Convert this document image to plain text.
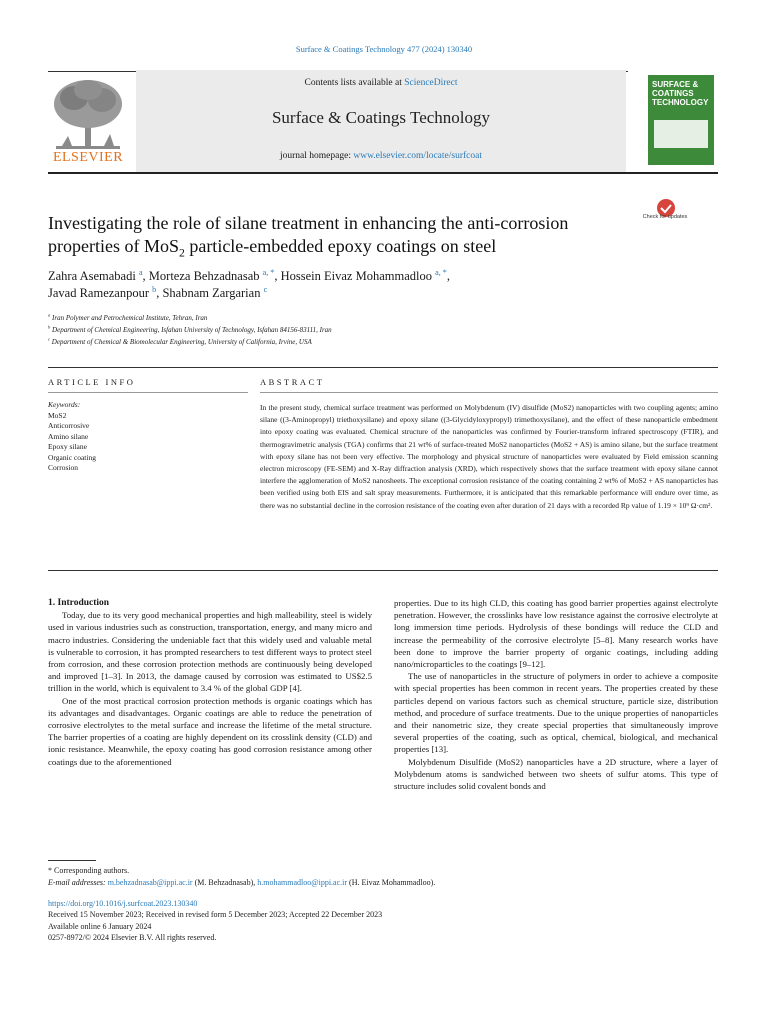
Surface & Coatings Technology 477 (2024) 130340
ELSEVIER
Contents lists available at ScienceDirect
Surface & Coatings Technology
journal homepage: www.elsevier.com/locate/surfcoat
SURFACE & COATINGS TECHNOLOGY
Check for updates
Investigating the role of silane treatment in enhancing the anti-corrosion properties of MoS$_2$ particle-embedded epoxy coatings on steel
Zahra Asemabadi $^a$, Morteza Behzadnasab $^{a, *}$, Hossein Eivaz Mohammadloo $^{a, *}$,
Javad Ramezanpour $^b$, Shabnam Zargarian $^c$
$^a$ Iran Polymer and Petrochemical Institute, Tehran, Iran
$^b$ Department of Chemical Engineering, Isfahan University of Technology, Isfahan 84156-83111, Iran
$^c$ Department of Chemical & Biomolecular Engineering, University of California, Irvine, USA
ARTICLE INFO	ABSTRACT
Keywords:
MoS2
Anticorrosive
Amino silane
Epoxy silane
Organic coating
Corrosion
In the present study, chemical surface treatment was performed on Molybdenum (IV) disulfide (MoS2) nanoparticles with two coupling agents; amino silane ((3-Aminopropyl) triethoxysilane) and epoxy silane ((3-Glycidyloxypropyl) trimethoxysilane), and the effect of these nanoparticle embedment into epoxy coating was evaluated. Chemical structure of the nanoparticles was confirmed by Fourier-transform infrared spectroscopy (FTIR), and thermogravimetric analysis (TGA) confirms that 21 wt% of surface-treated MoS2 nanoparticles (MoS2 + AS) is amino silane, but the surface treatment with epoxy silane has not been very effective. The morphology and physical structure of nanoparticles were evaluated by Field emission scanning electron microscopy (FE-SEM) and X-Ray diffraction analysis (XRD), which respectively shows that the surface treatment with epoxy silane cannot interfere the agglomeration of MoS2 nanosheets. The exceptional corrosion resistance of the coating containing 2 wt% of MoS2 + AS nanoparticles has been verified using both EIS and salt spray measurements. Furthermore, it is anticipated that this remarkable performance will endure over time, as there was no substantial decline in the corrosion resistance of the coating even after duration of 21 days with a recorded Rp value of 1.19 × 10⁹ Ω·cm².

1. Introduction

Today, due to its very good mechanical properties and high malleability, steel is widely used in various industries such as construction, transportation, energy, and many micro and macro industries. Considering the undeniable fact that this widely used and valuable metal is vulnerable to corrosion, it has prompted researchers to test different ways to protect steel from corrosion, and these corrosion protection methods are continuously being developed and improved [1–3]. In 2013, the damage caused by corrosion was estimated to US$2.5 trillion in the world, which is equivalent to 3.4 % of the global GDP [4].

One of the most practical corrosion protection methods is organic coatings which has its advantages and disadvantages. Organic coatings are able to reduce the penetration of corrosive electrolytes to the metal surface and increase the lifetime of the metal structure. The barrier properties of a coating are highly dependent on its crosslink density (CLD) and ionic resistance. Meanwhile, the epoxy coating has good corrosion resistance among other coatings due to the aforementioned

properties. Due to its high CLD, this coating has good barrier properties against electrolyte penetration. However, the crosslinks have low resistance against the corrosive electrolyte at long immersion time periods. Hydrolysis of these bondings will reduce the CLD and increase the permeability of the corrosive electrolyte [5–8]. Many research works have been done to improve the barrier property of organic coatings, including adding nano/microparticles to the coatings [9–12].

The use of nanoparticles in the structure of polymers in order to achieve a composite with special properties has been common in recent years. The properties created by these particles depend on various factors such as chemical structure, particle size, distribution method, and procedure of surface treatments. Due to the unique properties of nanoparticles and their nanometric size, they create special properties that simultaneously improve several properties of the coating, such as optical, chemical, biological, and mechanical properties [13].

Molybdenum Disulfide (MoS2) nanoparticles have a 2D structure, where a layer of Molybdenum atoms is sandwiched between two sheets of sulfur atoms. This type of structure includes solid covalent bonds and

* Corresponding authors.
E-mail addresses: m.behzadnasab@ippi.ac.ir (M. Behzadnasab), h.mohammadloo@ippi.ac.ir (H. Eivaz Mohammadloo).
https://doi.org/10.1016/j.surfcoat.2023.130340
Received 15 November 2023; Received in revised form 5 December 2023; Accepted 22 December 2023
Available online 6 January 2024
0257-8972/© 2024 Elsevier B.V. All rights reserved.
